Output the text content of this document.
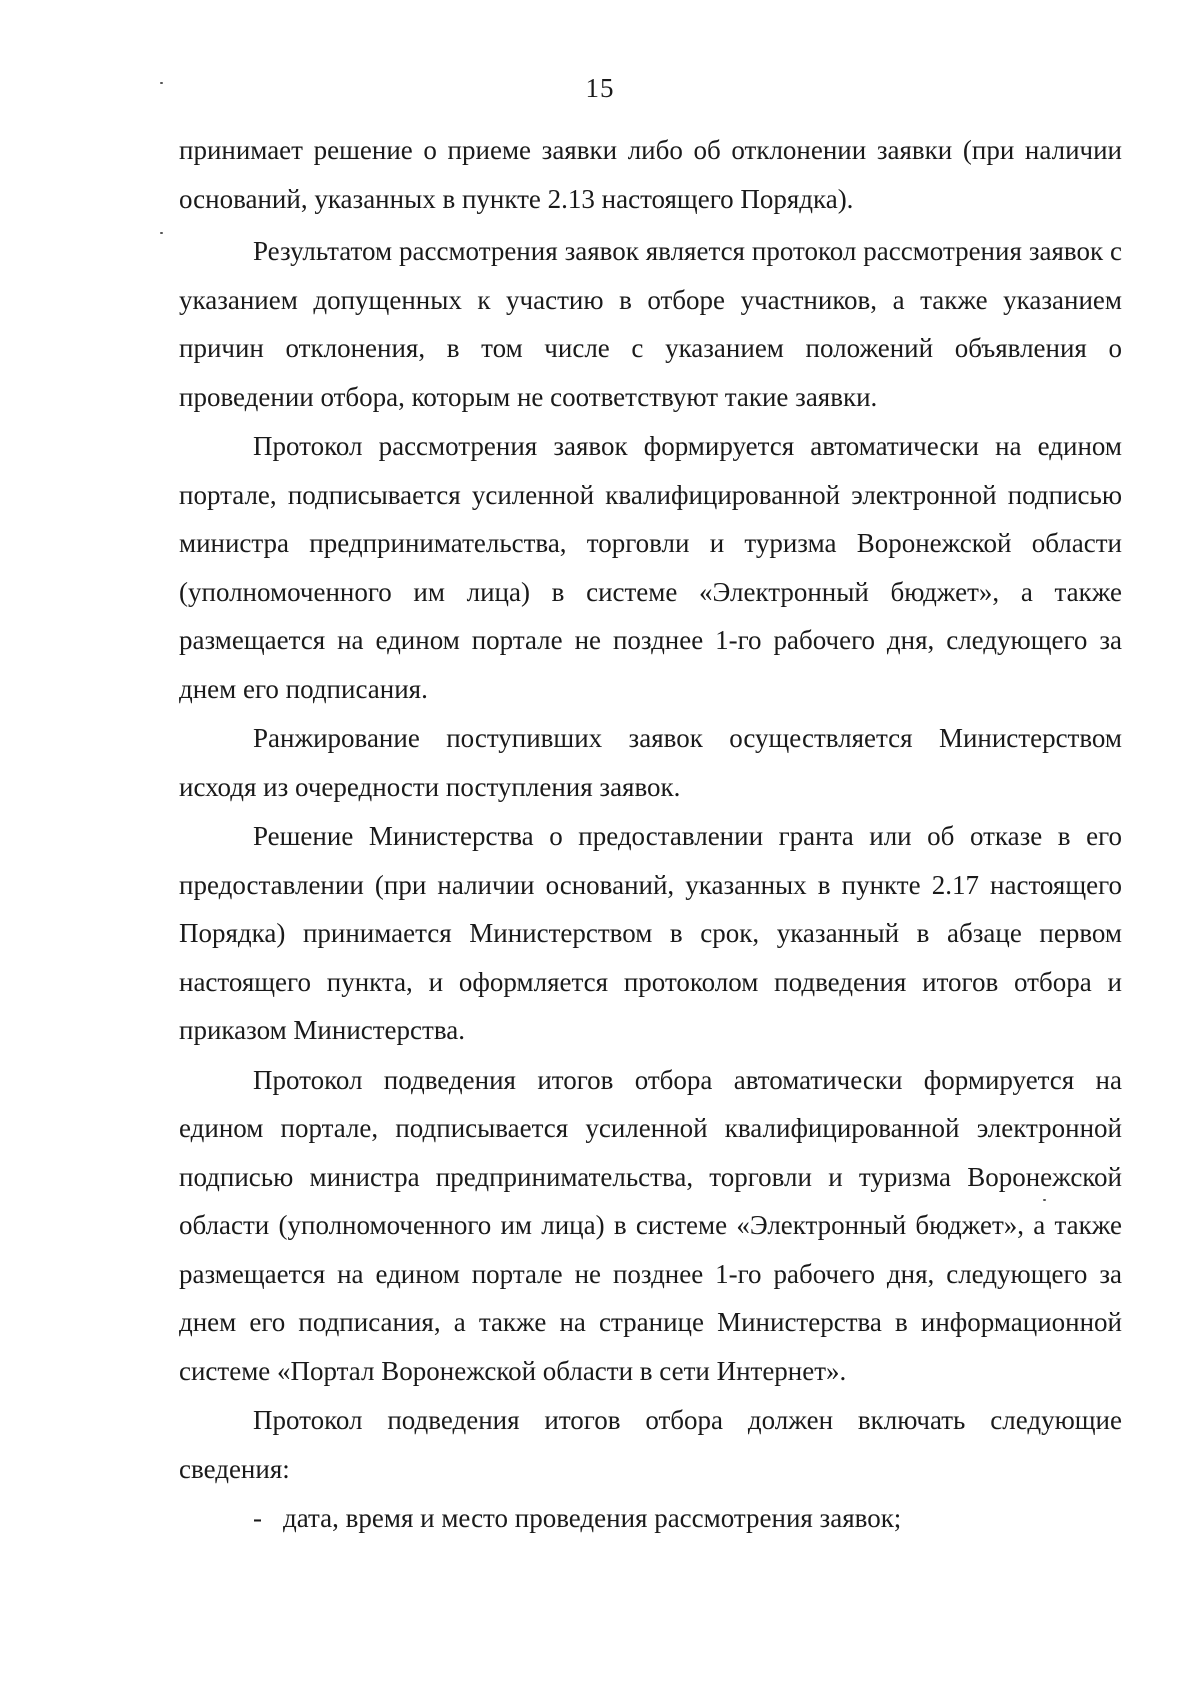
15

принимает решение о приеме заявки либо об отклонении заявки (при наличии оснований, указанных в пункте 2.13 настоящего Порядка).

Результатом рассмотрения заявок является протокол рассмотрения заявок с указанием допущенных к участию в отборе участников, а также указанием причин отклонения, в том числе с указанием положений объявления о проведении отбора, которым не соответствуют такие заявки.

Протокол рассмотрения заявок формируется автоматически на едином портале, подписывается усиленной квалифицированной электронной подписью министра предпринимательства, торговли и туризма Воронежской области (уполномоченного им лица) в системе «Электронный бюджет», а также размещается на едином портале не позднее 1-го рабочего дня, следующего за днем его подписания.

Ранжирование поступивших заявок осуществляется Министерством исходя из очередности поступления заявок.

Решение Министерства о предоставлении гранта или об отказе в его предоставлении (при наличии оснований, указанных в пункте 2.17 настоящего Порядка) принимается Министерством в срок, указанный в абзаце первом настоящего пункта, и оформляется протоколом подведения итогов отбора и приказом Министерства.

Протокол подведения итогов отбора автоматически формируется на едином портале, подписывается усиленной квалифицированной электронной подписью министра предпринимательства, торговли и туризма Воронежской области (уполномоченного им лица) в системе «Электронный бюджет», а также размещается на едином портале не позднее 1-го рабочего дня, следующего за днем его подписания, а также на странице Министерства в информационной системе «Портал Воронежской области в сети Интернет».

Протокол подведения итогов отбора должен включать следующие сведения:

- дата, время и место проведения рассмотрения заявок;
